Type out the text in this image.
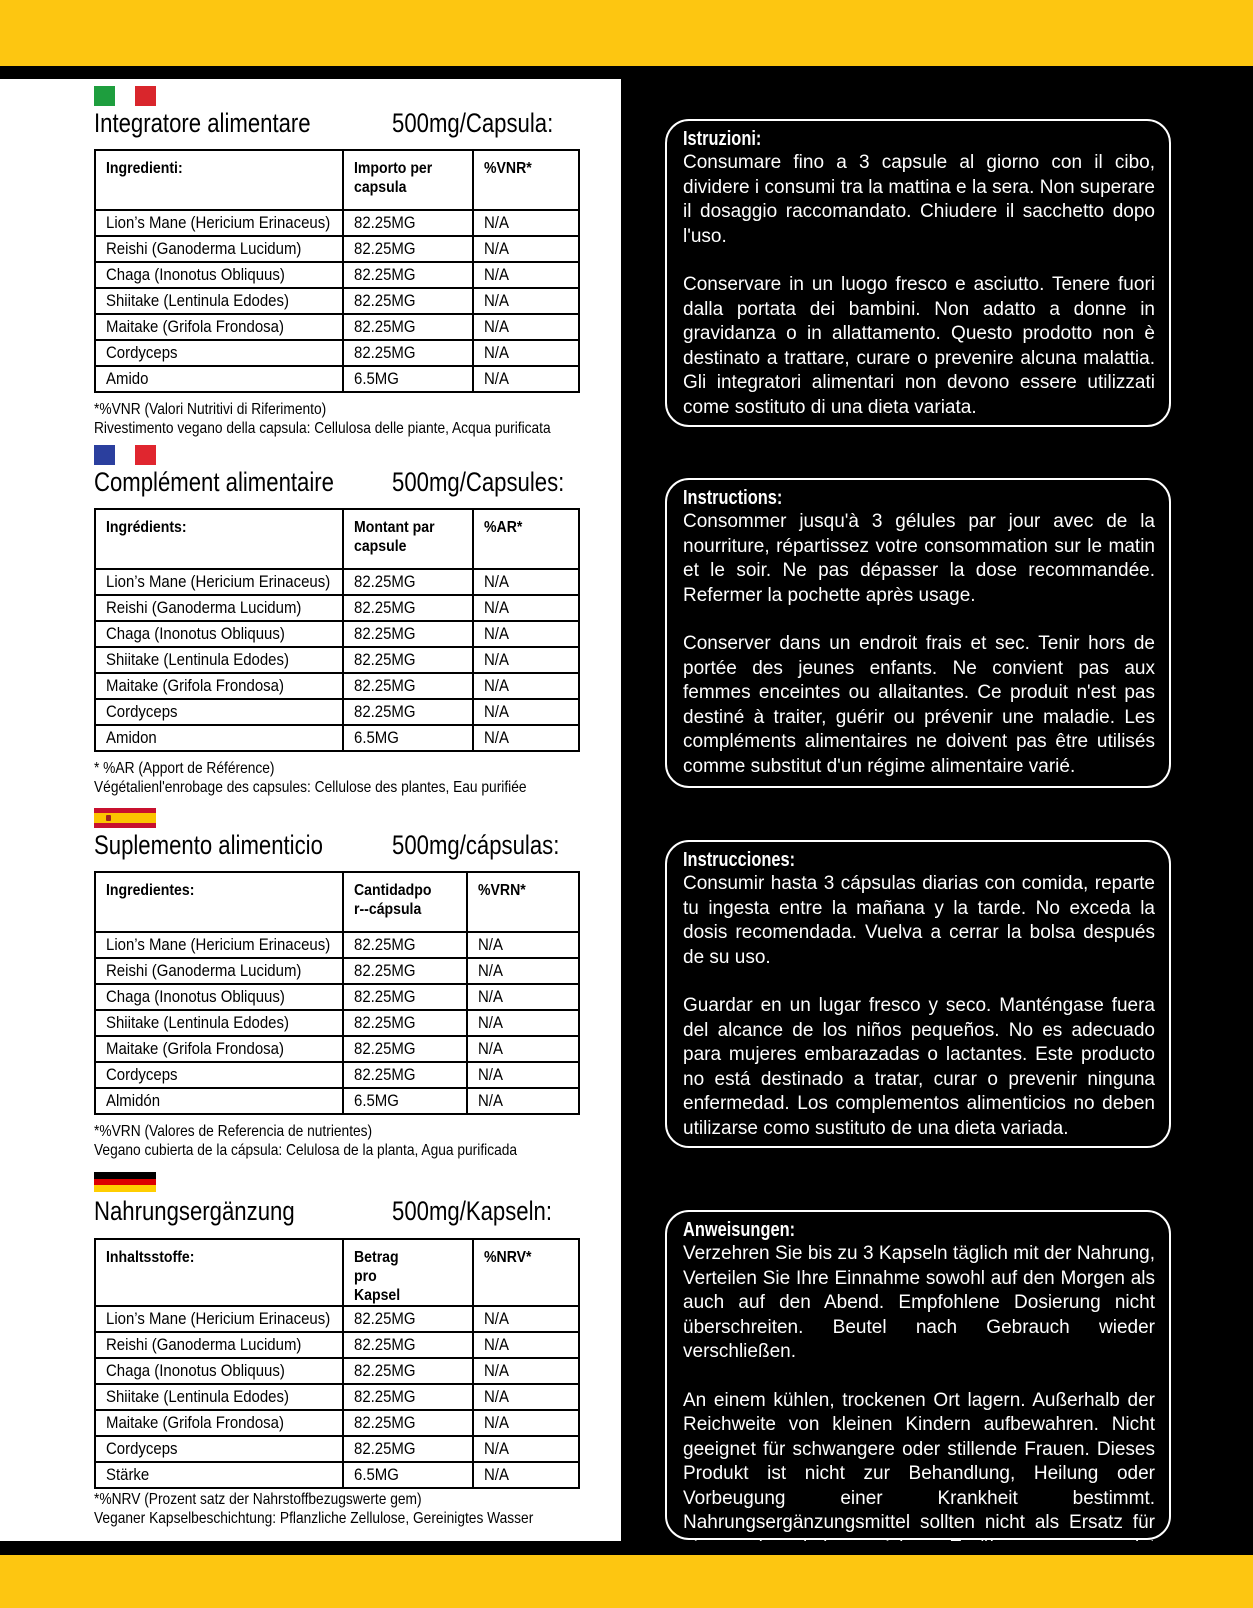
Integratore alimentare	500mg/Capsula:
Ingredienti:	Importo per capsula	%VNR*
Lion’s Mane (Hericium Erinaceus)	82.25MG	N/A
Reishi (Ganoderma Lucidum)	82.25MG	N/A
Chaga (Inonotus Obliquus)	82.25MG	N/A
Shiitake (Lentinula Edodes)	82.25MG	N/A
Maitake (Grifola Frondosa)	82.25MG	N/A
Cordyceps	82.25MG	N/A
Amido	6.5MG	N/A
*%VNR (Valori Nutritivi di Riferimento)
Rivestimento vegano della capsula: Cellulosa delle piante, Acqua purificata
Complément alimentaire 500mg/Capsules:
Ingrédients:	Montant par capsule	%AR*
Lion’s Mane (Hericium Erinaceus)	82.25MG	N/A
Reishi (Ganoderma Lucidum)	82.25MG	N/A
Chaga (Inonotus Obliquus)	82.25MG	N/A
Shiitake (Lentinula Edodes)	82.25MG	N/A
Maitake (Grifola Frondosa)	82.25MG	N/A
Cordyceps	82.25MG	N/A
Amidon	6.5MG	N/A
* %AR (Apport de Référence)
Végétalienl'enrobage des capsules: Cellulose des plantes, Eau purifiée
Suplemento alimenticio	500mg/cápsulas:
Ingredientes:	Cantidadpor--cápsula	%VRN*
Lion’s Mane (Hericium Erinaceus)	82.25MG	N/A
Reishi (Ganoderma Lucidum)	82.25MG	N/A
Chaga (Inonotus Obliquus)	82.25MG	N/A
Shiitake (Lentinula Edodes)	82.25MG	N/A
Maitake (Grifola Frondosa)	82.25MG	N/A
Cordyceps	82.25MG	N/A
Almidón	6.5MG	N/A
*%VRN (Valores de Referencia de nutrientes)
Vegano cubierta de la cápsula: Celulosa de la planta, Agua purificada
Nahrungsergänzung	500mg/Kapseln:
Inhaltsstoffe:	Betrag pro Kapsel	%NRV*
Lion’s Mane (Hericium Erinaceus)	82.25MG	N/A
Reishi (Ganoderma Lucidum)	82.25MG	N/A
Chaga (Inonotus Obliquus)	82.25MG	N/A
Shiitake (Lentinula Edodes)	82.25MG	N/A
Maitake (Grifola Frondosa)	82.25MG	N/A
Cordyceps	82.25MG	N/A
Stärke	6.5MG	N/A
*%NRV (Prozent satz der Nahrstoffbezugswerte gem)
Veganer Kapselbeschichtung: Pflanzliche Zellulose, Gereinigtes Wasser
Istruzioni:

Consumare fino a 3 capsule al giorno con il cibo, dividere i consumi tra la mattina e la sera. Non superare il dosaggio raccomandato. Chiudere il sacchetto dopo l'uso.

Conservare in un luogo fresco e asciutto. Tenere fuori dalla portata dei bambini. Non adatto a donne in gravidanza o in allattamento. Questo prodotto non è destinato a trattare, curare o prevenire alcuna malattia. Gli integratori alimentari non devono essere utilizzati come sostituto di una dieta variata.

Instructions:

Consommer jusqu'à 3 gélules par jour avec de la nourriture, répartissez votre consommation sur le matin et le soir. Ne pas dépasser la dose recommandée. Refermer la pochette après usage.

Conserver dans un endroit frais et sec. Tenir hors de portée des jeunes enfants. Ne convient pas aux femmes enceintes ou allaitantes. Ce produit n'est pas destiné à traiter, guérir ou prévenir une maladie. Les compléments alimentaires ne doivent pas être utilisés comme substitut d'un régime alimentaire varié.

Instrucciones:

Consumir hasta 3 cápsulas diarias con comida, reparte tu ingesta entre la mañana y la tarde. No exceda la dosis recomendada. Vuelva a cerrar la bolsa después de su uso.

Guardar en un lugar fresco y seco. Manténgase fuera del alcance de los niños pequeños. No es adecuado para mujeres embarazadas o lactantes. Este producto no está destinado a tratar, curar o prevenir ninguna enfermedad. Los complementos alimenticios no deben utilizarse como sustituto de una dieta variada.

Anweisungen:

Verzehren Sie bis zu 3 Kapseln täglich mit der Nahrung, Verteilen Sie Ihre Einnahme sowohl auf den Morgen als auch auf den Abend. Empfohlene Dosierung nicht überschreiten. Beutel nach Gebrauch wieder verschließen.

An einem kühlen, trockenen Ort lagern. Außerhalb der Reichweite von kleinen Kindern aufbewahren. Nicht geeignet für schwangere oder stillende Frauen. Dieses Produkt ist nicht zur Behandlung, Heilung oder Vorbeugung einer Krankheit bestimmt. Nahrungsergänzungsmittel sollten nicht als Ersatz für
